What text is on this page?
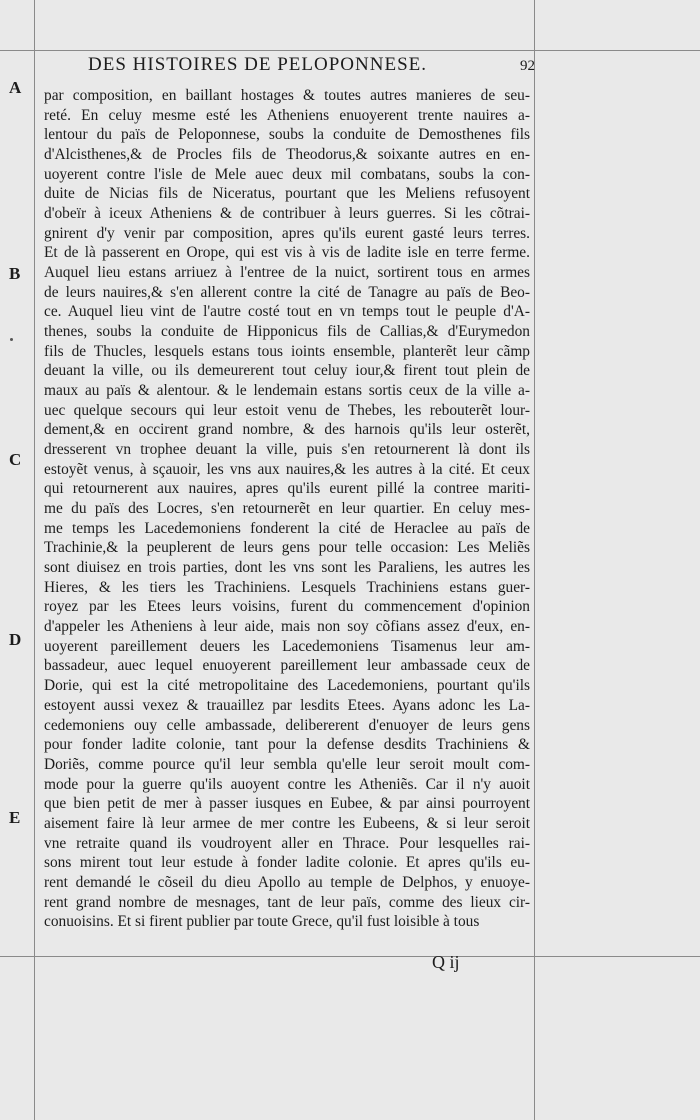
DES HISTOIRES DE PELOPONNESE.	92
A
B
C
D
E
par composition, en baillant hostages & toutes autres manieres de seu-
reté. En celuy mesme esté les Atheniens enuoyerent trente nauires a-
lentour du païs de Peloponnese, soubs la conduite de Demosthenes fils
d'Alcisthenes,& de Procles fils de Theodorus,& soixante autres en en-
uoyerent contre l'isle de Mele auec deux mil combatans, soubs la con-
duite de Nicias fils de Niceratus, pourtant que les Meliens refusoyent
d'obeïr à iceux Atheniens & de contribuer à leurs guerres. Si les cõtrai-
gnirent d'y venir par composition, apres qu'ils eurent gasté leurs terres.
Et de là passerent en Orope, qui est vis à vis de ladite isle en terre ferme.
Auquel lieu estans arriuez à l'entree de la nuict, sortirent tous en armes
de leurs nauires,& s'en allerent contre la cité de Tanagre au païs de Beo-
ce. Auquel lieu vint de l'autre costé tout en vn temps tout le peuple d'A-
thenes, soubs la conduite de Hipponicus fils de Callias,& d'Eurymedon
fils de Thucles, lesquels estans tous ioints ensemble, planterẽt leur cãmp
deuant la ville, ou ils demeurerent tout celuy iour,& firent tout plein de
maux au païs & alentour. & le lendemain estans sortis ceux de la ville a-
uec quelque secours qui leur estoit venu de Thebes, les rebouterẽt lour-
dement,& en occirent grand nombre, & des harnois qu'ils leur osterẽt,
dresserent vn trophee deuant la ville, puis s'en retournerent là dont ils
estoyẽt venus, à sçauoir, les vns aux nauires,& les autres à la cité. Et ceux
qui retournerent aux nauires, apres qu'ils eurent pillé la contree mariti-
me du païs des Locres, s'en retournerẽt en leur quartier. En celuy mes-
me temps les Lacedemoniens fonderent la cité de Heraclee au païs de
Trachinie,& la peuplerent de leurs gens pour telle occasion: Les Meliẽs
sont diuisez en trois parties, dont les vns sont les Paraliens, les autres les
Hieres, & les tiers les Trachiniens. Lesquels Trachiniens estans guer-
royez par les Etees leurs voisins, furent du commencement d'opinion
d'appeler les Atheniens à leur aide, mais non soy cõfians assez d'eux, en-
uoyerent pareillement deuers les Lacedemoniens Tisamenus leur am-
bassadeur, auec lequel enuoyerent pareillement leur ambassade ceux de
Dorie, qui est la cité metropolitaine des Lacedemoniens, pourtant qu'ils
estoyent aussi vexez & trauaillez par lesdits Etees. Ayans adonc les La-
cedemoniens ouy celle ambassade, delibererent d'enuoyer de leurs gens
pour fonder ladite colonie, tant pour la defense desdits Trachiniens &
Doriẽs, comme pource qu'il leur sembla qu'elle leur seroit moult com-
mode pour la guerre qu'ils auoyent contre les Atheniẽs. Car il n'y auoit
que bien petit de mer à passer iusques en Eubee, & par ainsi pourroyent
aisement faire là leur armee de mer contre les Eubeens, & si leur seroit
vne retraite quand ils voudroyent aller en Thrace. Pour lesquelles rai-
sons mirent tout leur estude à fonder ladite colonie. Et apres qu'ils eu-
rent demandé le cõseil du dieu Apollo au temple de Delphos, y enuoye-
rent grand nombre de mesnages, tant de leur païs, comme des lieux cir-
conuoisins. Et si firent publier par toute Grece, qu'il fust loisible à tous
Q ij
